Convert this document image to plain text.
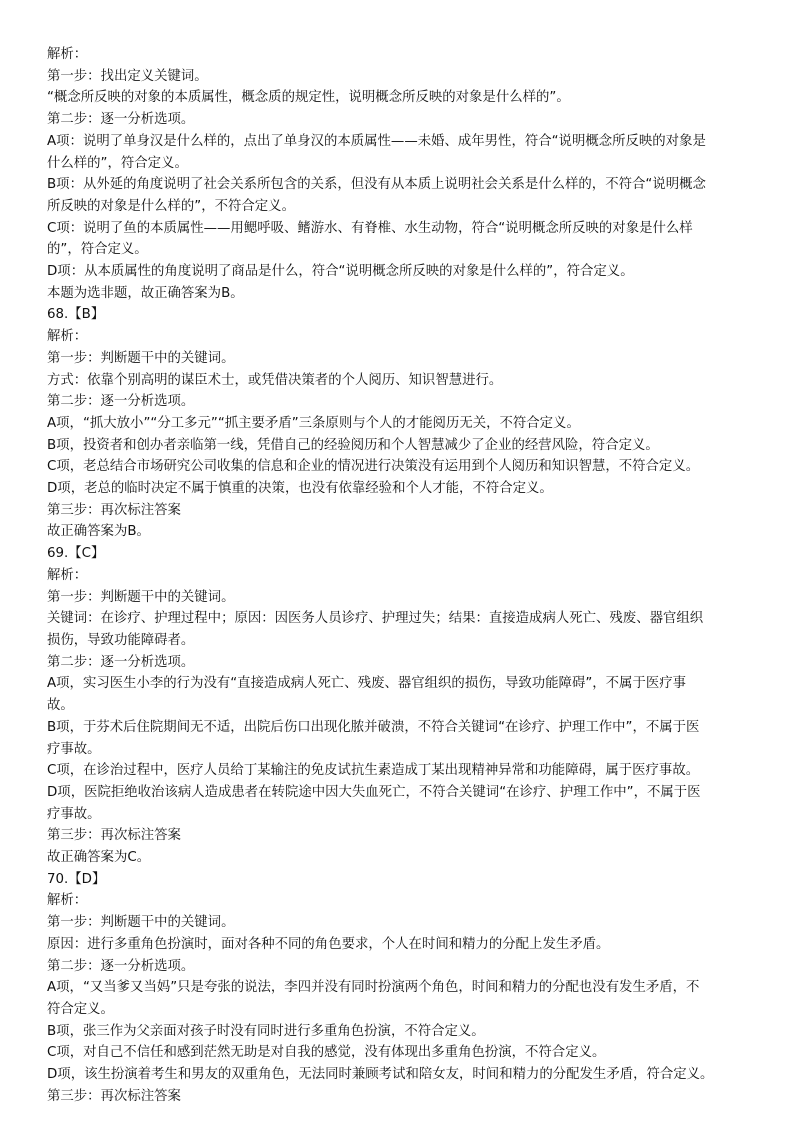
解析：
第一步：找出定义关键词。
“概念所反映的对象的本质属性，概念质的规定性，说明概念所反映的对象是什么样的”。
第二步：逐一分析选项。
A项：说明了单身汉是什么样的，点出了单身汉的本质属性——未婚、成年男性，符合“说明概念所反映的对象是
什么样的”，符合定义。
B项：从外延的角度说明了社会关系所包含的关系，但没有从本质上说明社会关系是什么样的，不符合“说明概念
所反映的对象是什么样的”，不符合定义。
C项：说明了鱼的本质属性——用鳃呼吸、鳍游水、有脊椎、水生动物，符合“说明概念所反映的对象是什么样
的”，符合定义。
D项：从本质属性的角度说明了商品是什么，符合“说明概念所反映的对象是什么样的”，符合定义。
本题为选非题，故正确答案为B。
68.【B】
解析：
第一步：判断题干中的关键词。
方式：依靠个别高明的谋臣术士，或凭借决策者的个人阅历、知识智慧进行。
第二步：逐一分析选项。
A项，“抓大放小”“分工多元”“抓主要矛盾”三条原则与个人的才能阅历无关，不符合定义。
B项，投资者和创办者亲临第一线，凭借自己的经验阅历和个人智慧减少了企业的经营风险，符合定义。
C项，老总结合市场研究公司收集的信息和企业的情况进行决策没有运用到个人阅历和知识智慧，不符合定义。
D项，老总的临时决定不属于慎重的决策，也没有依靠经验和个人才能，不符合定义。
第三步：再次标注答案
故正确答案为B。
69.【C】
解析：
第一步：判断题干中的关键词。
关键词：在诊疗、护理过程中；原因：因医务人员诊疗、护理过失；结果：直接造成病人死亡、残废、器官组织
损伤，导致功能障碍者。
第二步：逐一分析选项。
A项，实习医生小李的行为没有“直接造成病人死亡、残废、器官组织的损伤，导致功能障碍”，不属于医疗事
故。
B项，于芬术后住院期间无不适，出院后伤口出现化脓并破溃，不符合关键词“在诊疗、护理工作中”，不属于医
疗事故。
C项，在诊治过程中，医疗人员给丁某输注的免皮试抗生素造成丁某出现精神异常和功能障碍，属于医疗事故。
D项，医院拒绝收治该病人造成患者在转院途中因大失血死亡，不符合关键词“在诊疗、护理工作中”，不属于医
疗事故。
第三步：再次标注答案
故正确答案为C。
70.【D】
解析：
第一步：判断题干中的关键词。
原因：进行多重角色扮演时，面对各种不同的角色要求，个人在时间和精力的分配上发生矛盾。
第二步：逐一分析选项。
A项，“又当爹又当妈”只是夸张的说法，李四并没有同时扮演两个角色，时间和精力的分配也没有发生矛盾，不
符合定义。
B项，张三作为父亲面对孩子时没有同时进行多重角色扮演，不符合定义。
C项，对自己不信任和感到茫然无助是对自我的感觉，没有体现出多重角色扮演，不符合定义。
D项，该生扮演着考生和男友的双重角色，无法同时兼顾考试和陪女友，时间和精力的分配发生矛盾，符合定义。
第三步：再次标注答案
